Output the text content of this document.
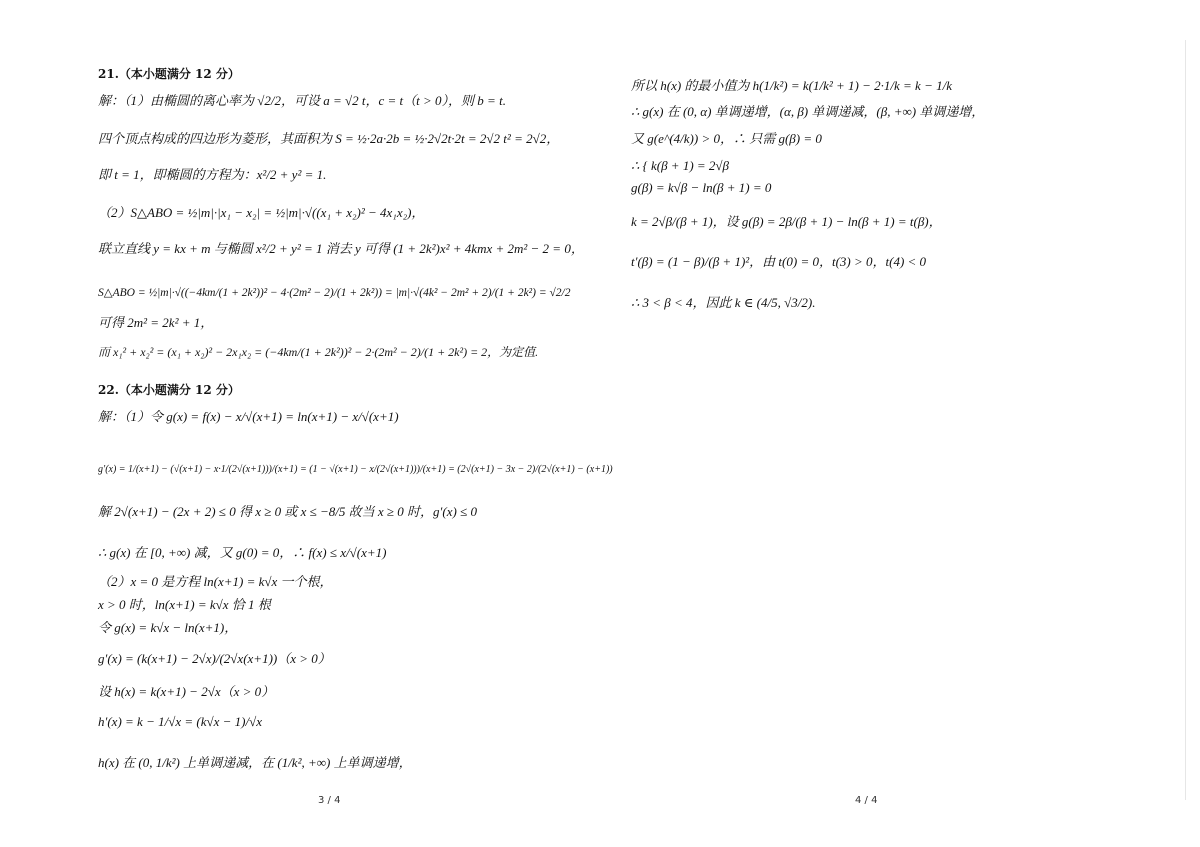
21.（本小题满分 12 分）
解：（1）由椭圆的离心率为 √2/2，可设 a = √2 t，c = t（t > 0），则 b = t.
四个顶点构成的四边形为菱形，其面积为 S = ½·2a·2b = ½·2√2t·2t = 2√2 t² = 2√2，
即 t = 1，即椭圆的方程为：x²/2 + y² = 1.
（2）S△ABO = ½|m|·|x₁ − x₂| = ½|m|·√((x₁ + x₂)² − 4x₁x₂)，
联立直线 y = kx + m 与椭圆 x²/2 + y² = 1 消去 y 可得 (1 + 2k²)x² + 4kmx + 2m² − 2 = 0，
S△ABO = ½|m|·√((−4km/(1 + 2k²))² − 4·(2m² − 2)/(1 + 2k²)) = |m|·√(4k² − 2m² + 2)/(1 + 2k²) = √2/2
可得 2m² = 2k² + 1，
而 x₁² + x₂² = (x₁ + x₂)² − 2x₁x₂ = (−4km/(1 + 2k²))² − 2·(2m² − 2)/(1 + 2k²) = 2，为定值.
22.（本小题满分 12 分）
解：（1）令 g(x) = f(x) − x/√(x+1) = ln(x+1) − x/√(x+1)
g′(x) = 1/(x+1) − (√(x+1) − x·1/(2√(x+1)))/(x+1) = (1 − √(x+1) − x/(2√(x+1)))/(x+1) = (2√(x+1) − 3x − 2)/(2√(x+1) − (x+1))
解 2√(x+1) − (2x + 2) ≤ 0 得 x ≥ 0 或 x ≤ −8/5 故当 x ≥ 0 时，g′(x) ≤ 0
∴ g(x) 在 [0, +∞) 减，又 g(0) = 0，∴ f(x) ≤ x/√(x+1)
（2）x = 0 是方程 ln(x+1) = k√x 一个根，
x > 0 时，ln(x+1) = k√x 恰 1 根
令 g(x) = k√x − ln(x+1)，
g′(x) = (k(x+1) − 2√x)/(2√x(x+1))（x > 0）
设 h(x) = k(x+1) − 2√x（x > 0）
h′(x) = k − 1/√x = (k√x − 1)/√x
h(x) 在 (0, 1/k²) 上单调递减，在 (1/k², +∞) 上单调递增，
3 / 4
所以 h(x) 的最小值为 h(1/k²) = k(1/k² + 1) − 2·1/k = k − 1/k
∴ g(x) 在 (0, α) 单调递增，(α, β) 单调递减，(β, +∞) 单调递增，
又 g(e^(4/k)) > 0，∴ 只需 g(β) = 0
∴ { k(β + 1) = 2√β
g(β) = k√β − ln(β + 1) = 0
k = 2√β/(β + 1)，设 g(β) = 2β/(β + 1) − ln(β + 1) = t(β)，
t′(β) = (1 − β)/(β + 1)²，由 t(0) = 0，t(3) > 0，t(4) < 0
∴ 3 < β < 4，因此 k ∈ (4/5, √3/2).
4 / 4
